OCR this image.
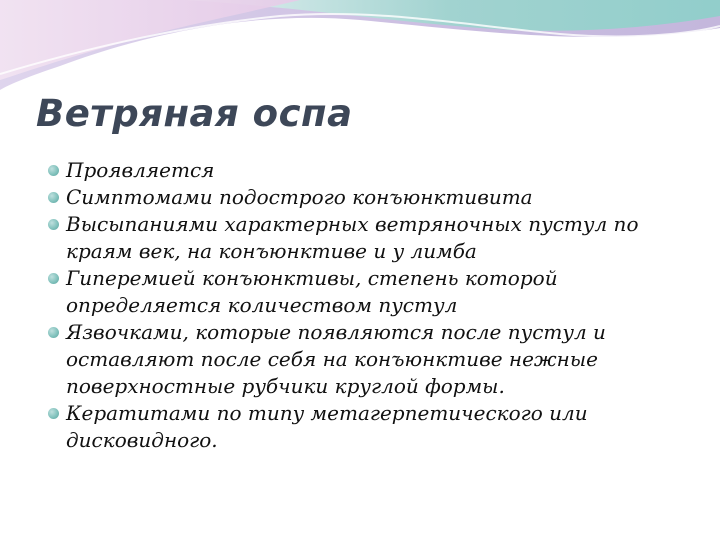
Ветряная оспа
Проявляется
Симптомами подострого конъюнктивита
Высыпаниями характерных ветряночных пустул по краям век, на конъюнктиве и у лимба
Гиперемией конъюнктивы, степень которой определяется количеством пустул
Язвочками, которые появляются после пустул и оставляют после себя на конъюнктиве нежные поверхностные рубчики круглой формы.
Кератитами по типу метагерпетического или дисковидного.
